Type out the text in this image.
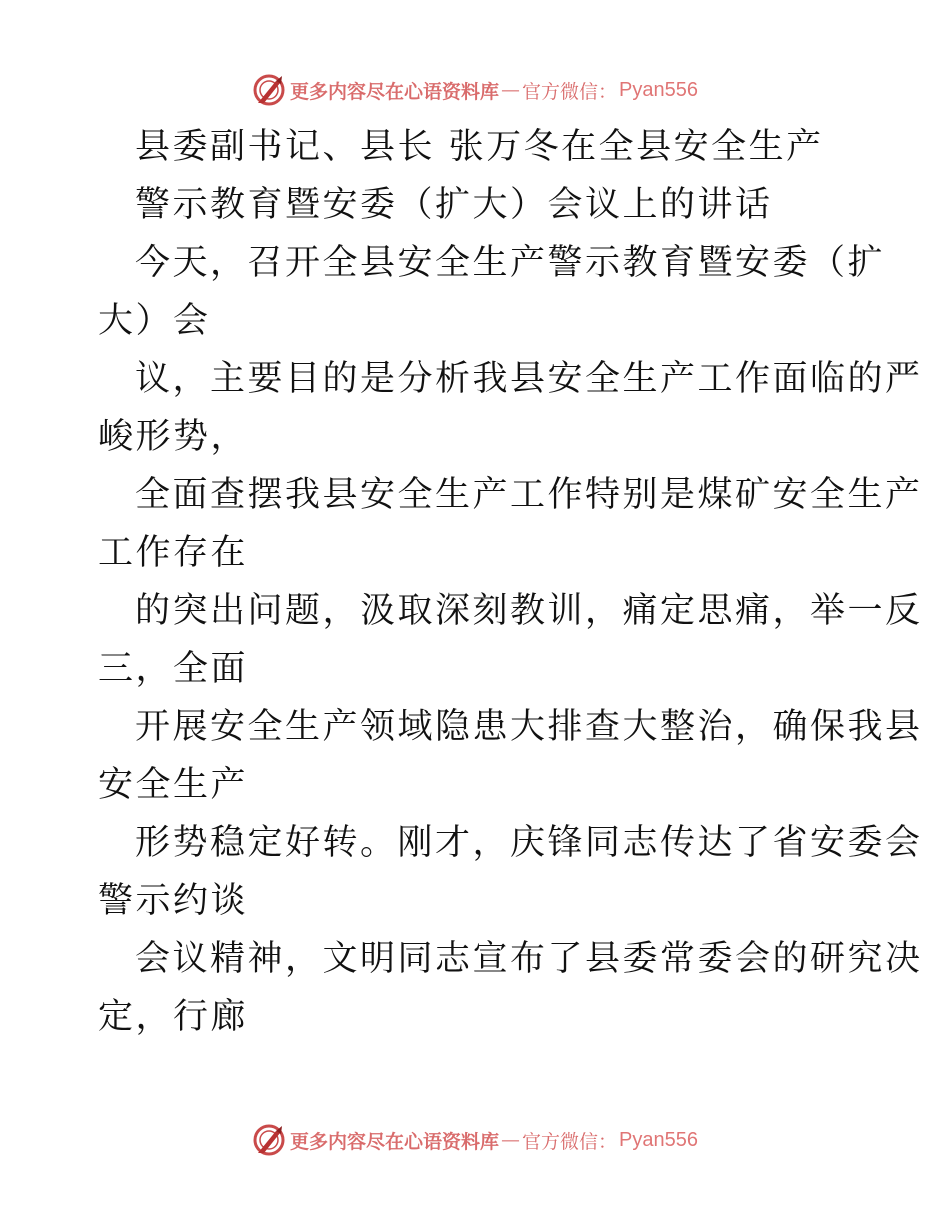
更多内容尽在心语资料库 — 官方微信： Pyan556
县委副书记、县长 张万冬在全县安全生产
警示教育暨安委（扩大）会议上的讲话
今天，召开全县安全生产警示教育暨安委（扩
大）会
议，主要目的是分析我县安全生产工作面临的严
峻形势，
全面查摆我县安全生产工作特别是煤矿安全生产
工作存在
的突出问题，汲取深刻教训，痛定思痛，举一反
三，全面
开展安全生产领域隐患大排查大整治，确保我县
安全生产
形势稳定好转。刚才，庆锋同志传达了省安委会
警示约谈
会议精神，文明同志宣布了县委常委会的研究决
定，行廊
更多内容尽在心语资料库 — 官方微信： Pyan556
